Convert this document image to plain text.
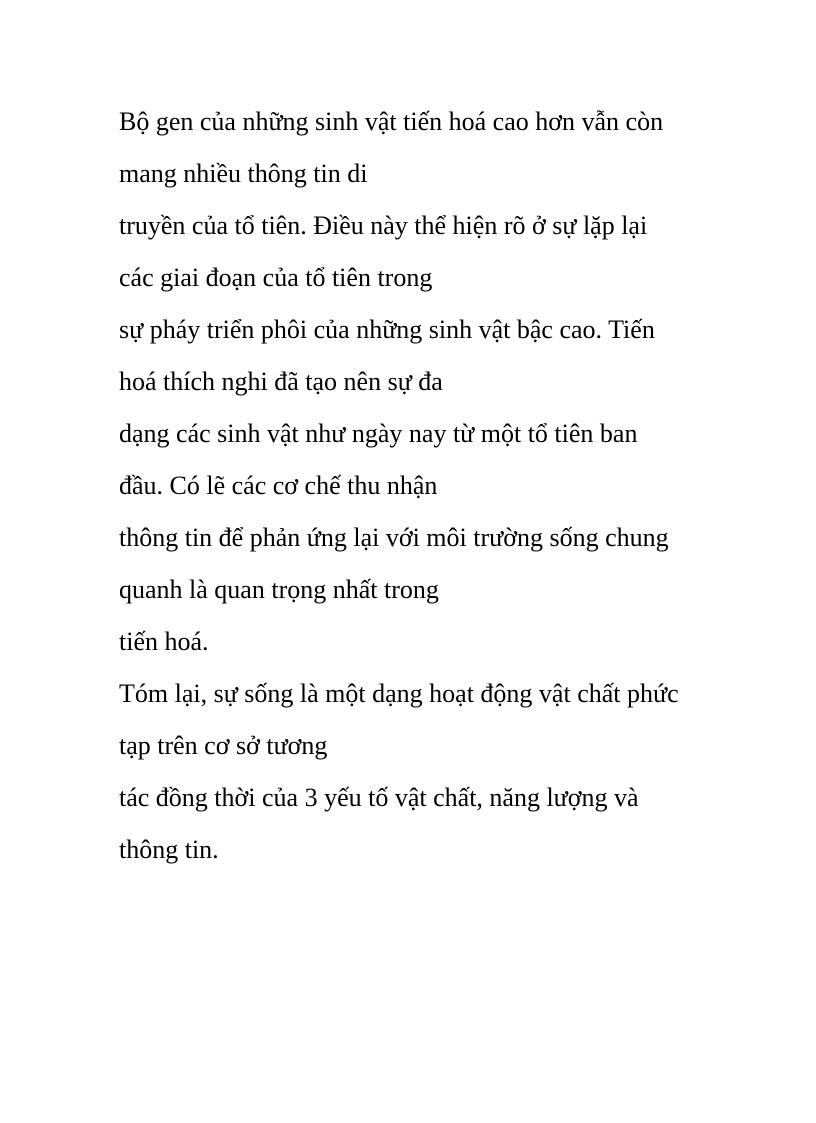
Bộ gen của những sinh vật tiến hoá cao hơn vẫn còn
mang nhiều thông tin di
truyền của tổ tiên. Điều này thể hiện rõ ở sự lặp lại
các giai đoạn của tổ tiên trong
sự pháy triển phôi của những sinh vật bậc cao. Tiến
hoá thích nghi đã tạo nên sự đa
dạng các sinh vật như ngày nay từ một tổ tiên ban
đầu. Có lẽ các cơ chế thu nhận
thông tin để phản ứng lại với môi trường sống chung
quanh là quan trọng nhất trong
tiến hoá.
Tóm lại, sự sống là một dạng hoạt động vật chất phức
tạp trên cơ sở tương
tác đồng thời của 3 yếu tố vật chất, năng lượng và
thông tin.
